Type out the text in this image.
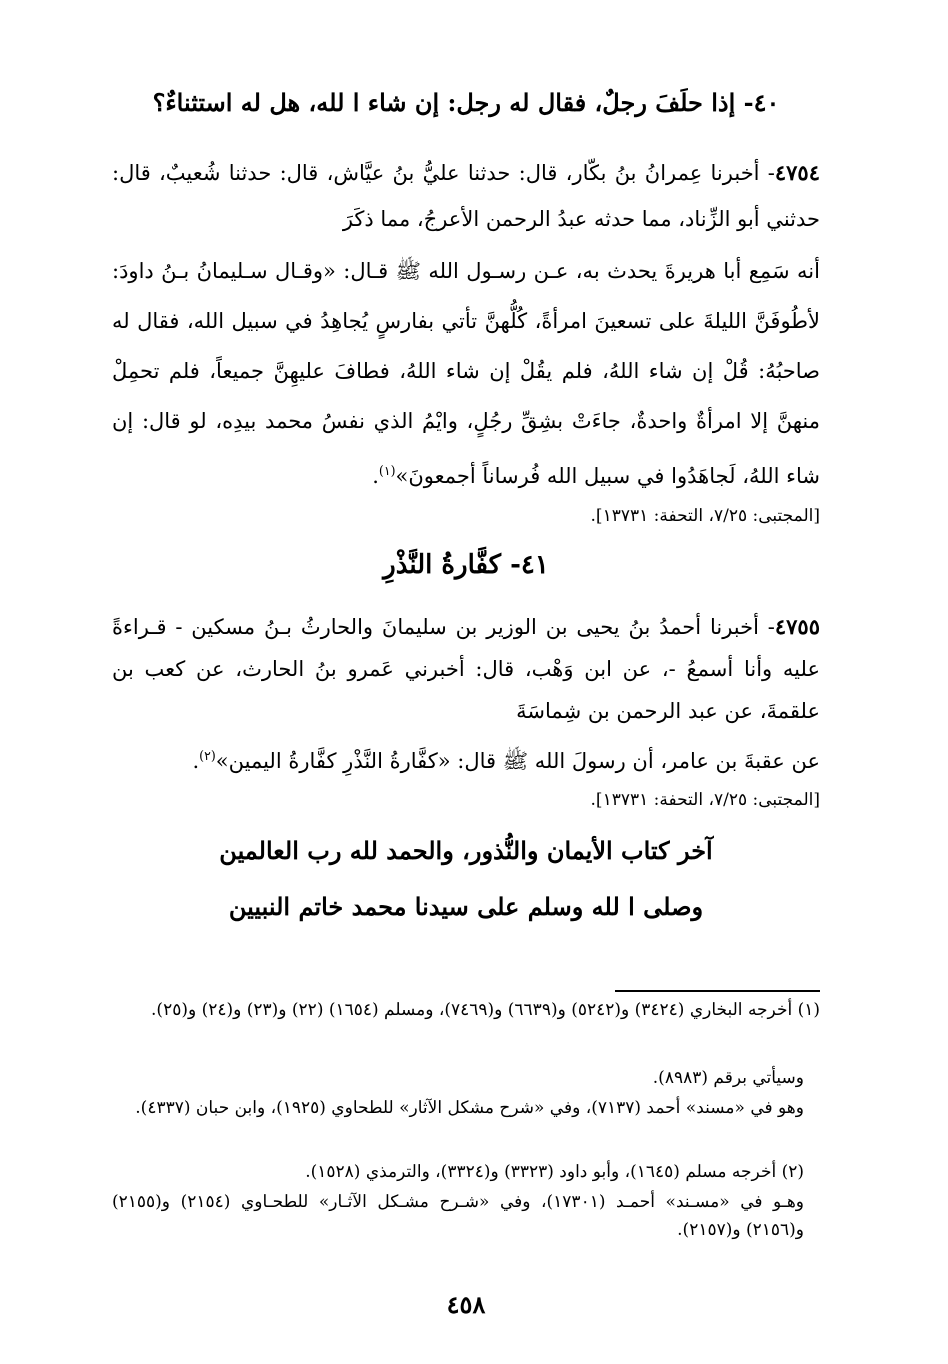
٤٠- إذا حلَفَ رجلٌ، فقال له رجل: إن شاء ا لله، هل له استثناءٌ؟
٤٧٥٤- أخبرنا عِمرانُ بنُ بكّار، قال: حدثنا عليُّ بنُ عيَّاش، قال: حدثنا شُعيبٌ، قال: حدثني أبو الزِّناد، مما حدثه عبدُ الرحمن الأعرجُ، مما ذكَرَ
أنه سَمِع أبا هريرةَ يحدث به، عـن رسـول الله ﷺ قـال: «وقـال سـليمانُ بـنُ داودَ: لأطُوفَنَّ الليلةَ على تسعينَ امرأةً، كُلُّهنَّ تأتي بفارسٍ يُجاهِدُ في سبيل الله، فقال له صاحبُهُ: قُلْ إن شاء اللهُ، فلم يقُلْ إن شاء اللهُ، فطافَ عليهِنَّ جميعاً، فلم تحمِلْ منهنَّ إلا امرأةٌ واحدةٌ، جاءَتْ بشِقِّ رجُلٍ، وايْمُ الذي نفسُ محمد بيدِه، لو قال: إن شاء اللهُ، لَجاهَدُوا في سبيل الله فُرساناً أجمعونَ»$^{(١)}$.
[المجتبى: ٧/٢٥، التحفة: ١٣٧٣١].
٤١- كفَّارةُ النَّذْرِ
٤٧٥٥- أخبرنا أحمدُ بنُ يحيى بن الوزير بن سليمانَ والحارثُ بـنُ مسكين - قـراءةً عليه وأنا أسمعُ -، عن ابن وَهْب، قال: أخبرني عَمرو بنُ الحارث، عن كعب بن علقمةَ، عن عبد الرحمن بن شِماسَةَ
عن عقبةَ بن عامر، أن رسولَ الله ﷺ قال: «كفَّارةُ النَّذْرِ كفَّارةُ اليمين»$^{(٢)}$.
[المجتبى: ٧/٢٥، التحفة: ١٣٧٣١].
آخر كتاب الأيمان والنُّذور، والحمد لله رب العالمين
وصلى ا لله وسلم على سيدنا محمد خاتم النبيين
(١) أخرجه البخاري (٣٤٢٤) و(٥٢٤٢) و(٦٦٣٩) و(٧٤٦٩)، ومسلم (١٦٥٤) (٢٢) و(٢٣) و(٢٤) و(٢٥).
وسيأتي برقم (٨٩٨٣).
وهو في «مسند» أحمد (٧١٣٧)، وفي «شرح مشكل الآثار» للطحاوي (١٩٢٥)، وابن حبان (٤٣٣٧).
(٢) أخرجه مسلم (١٦٤٥)، وأبو داود (٣٣٢٣) و(٣٣٢٤)، والترمذي (١٥٢٨).
وهـو في «مسـند» أحمـد (١٧٣٠١)، وفي «شـرح مشـكل الآثـار» للطحـاوي (٢١٥٤) و(٢١٥٥) و(٢١٥٦) و(٢١٥٧).
٤٥٨
